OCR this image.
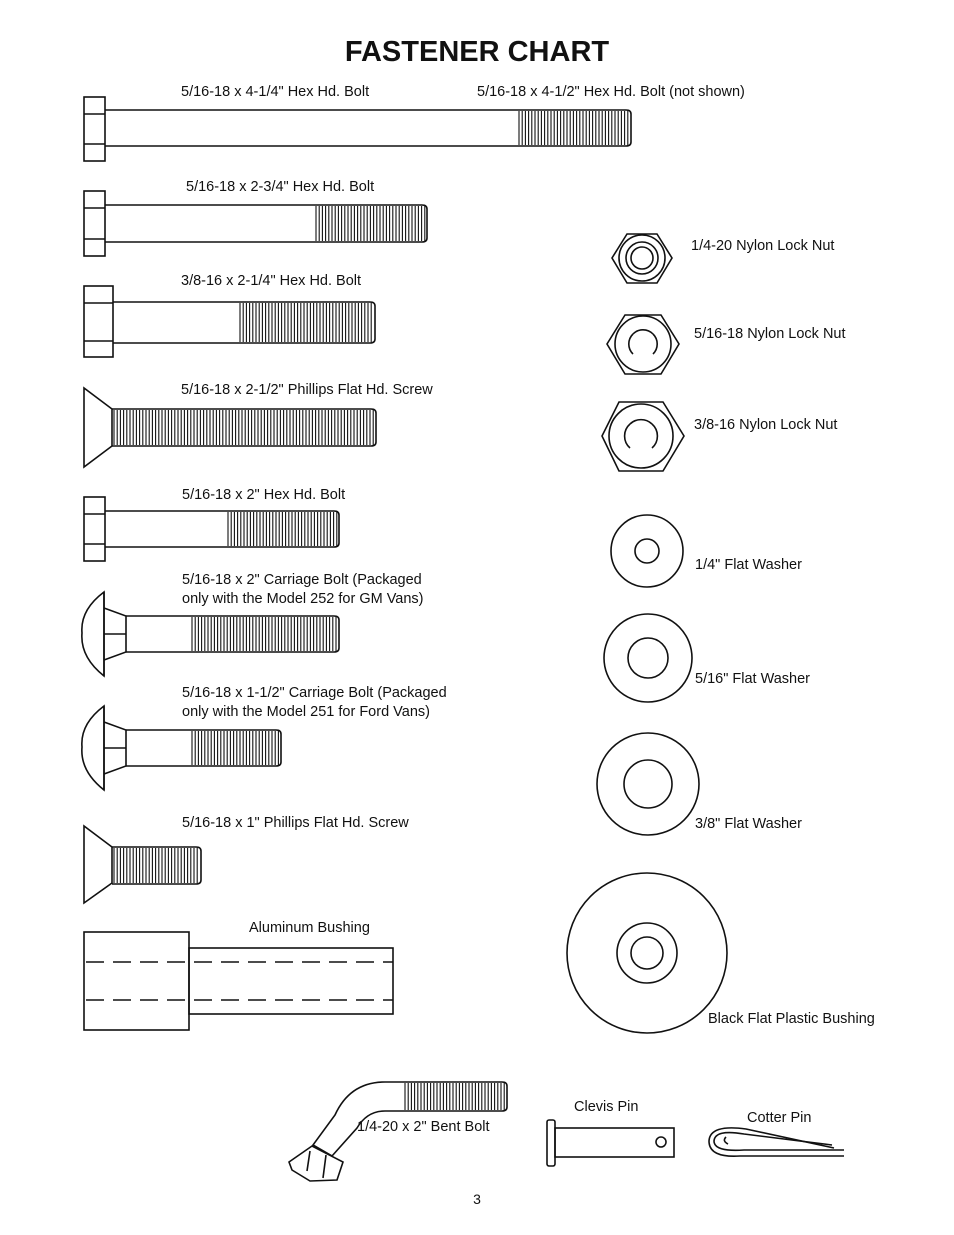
FASTENER CHART
5/16-18 x 4-1/4" Hex Hd. Bolt	5/16-18 x 4-1/2" Hex Hd. Bolt (not shown)
5/16-18 x 2-3/4" Hex Hd. Bolt
3/8-16 x 2-1/4" Hex Hd. Bolt
5/16-18 x 2-1/2" Phillips Flat Hd. Screw
5/16-18 x 2" Hex Hd. Bolt
5/16-18 x 2" Carriage Bolt (Packaged
only with the Model 252 for GM Vans)
5/16-18 x 1-1/2" Carriage Bolt (Packaged
only with the Model 251 for Ford Vans)
5/16-18 x 1" Phillips Flat Hd. Screw
Aluminum Bushing
1/4-20 Nylon Lock Nut
5/16-18 Nylon Lock Nut
3/8-16 Nylon Lock Nut
1/4" Flat Washer
5/16" Flat Washer
3/8" Flat Washer
Black Flat Plastic Bushing
1/4-20 x 2" Bent Bolt
Clevis Pin
Cotter Pin
3
